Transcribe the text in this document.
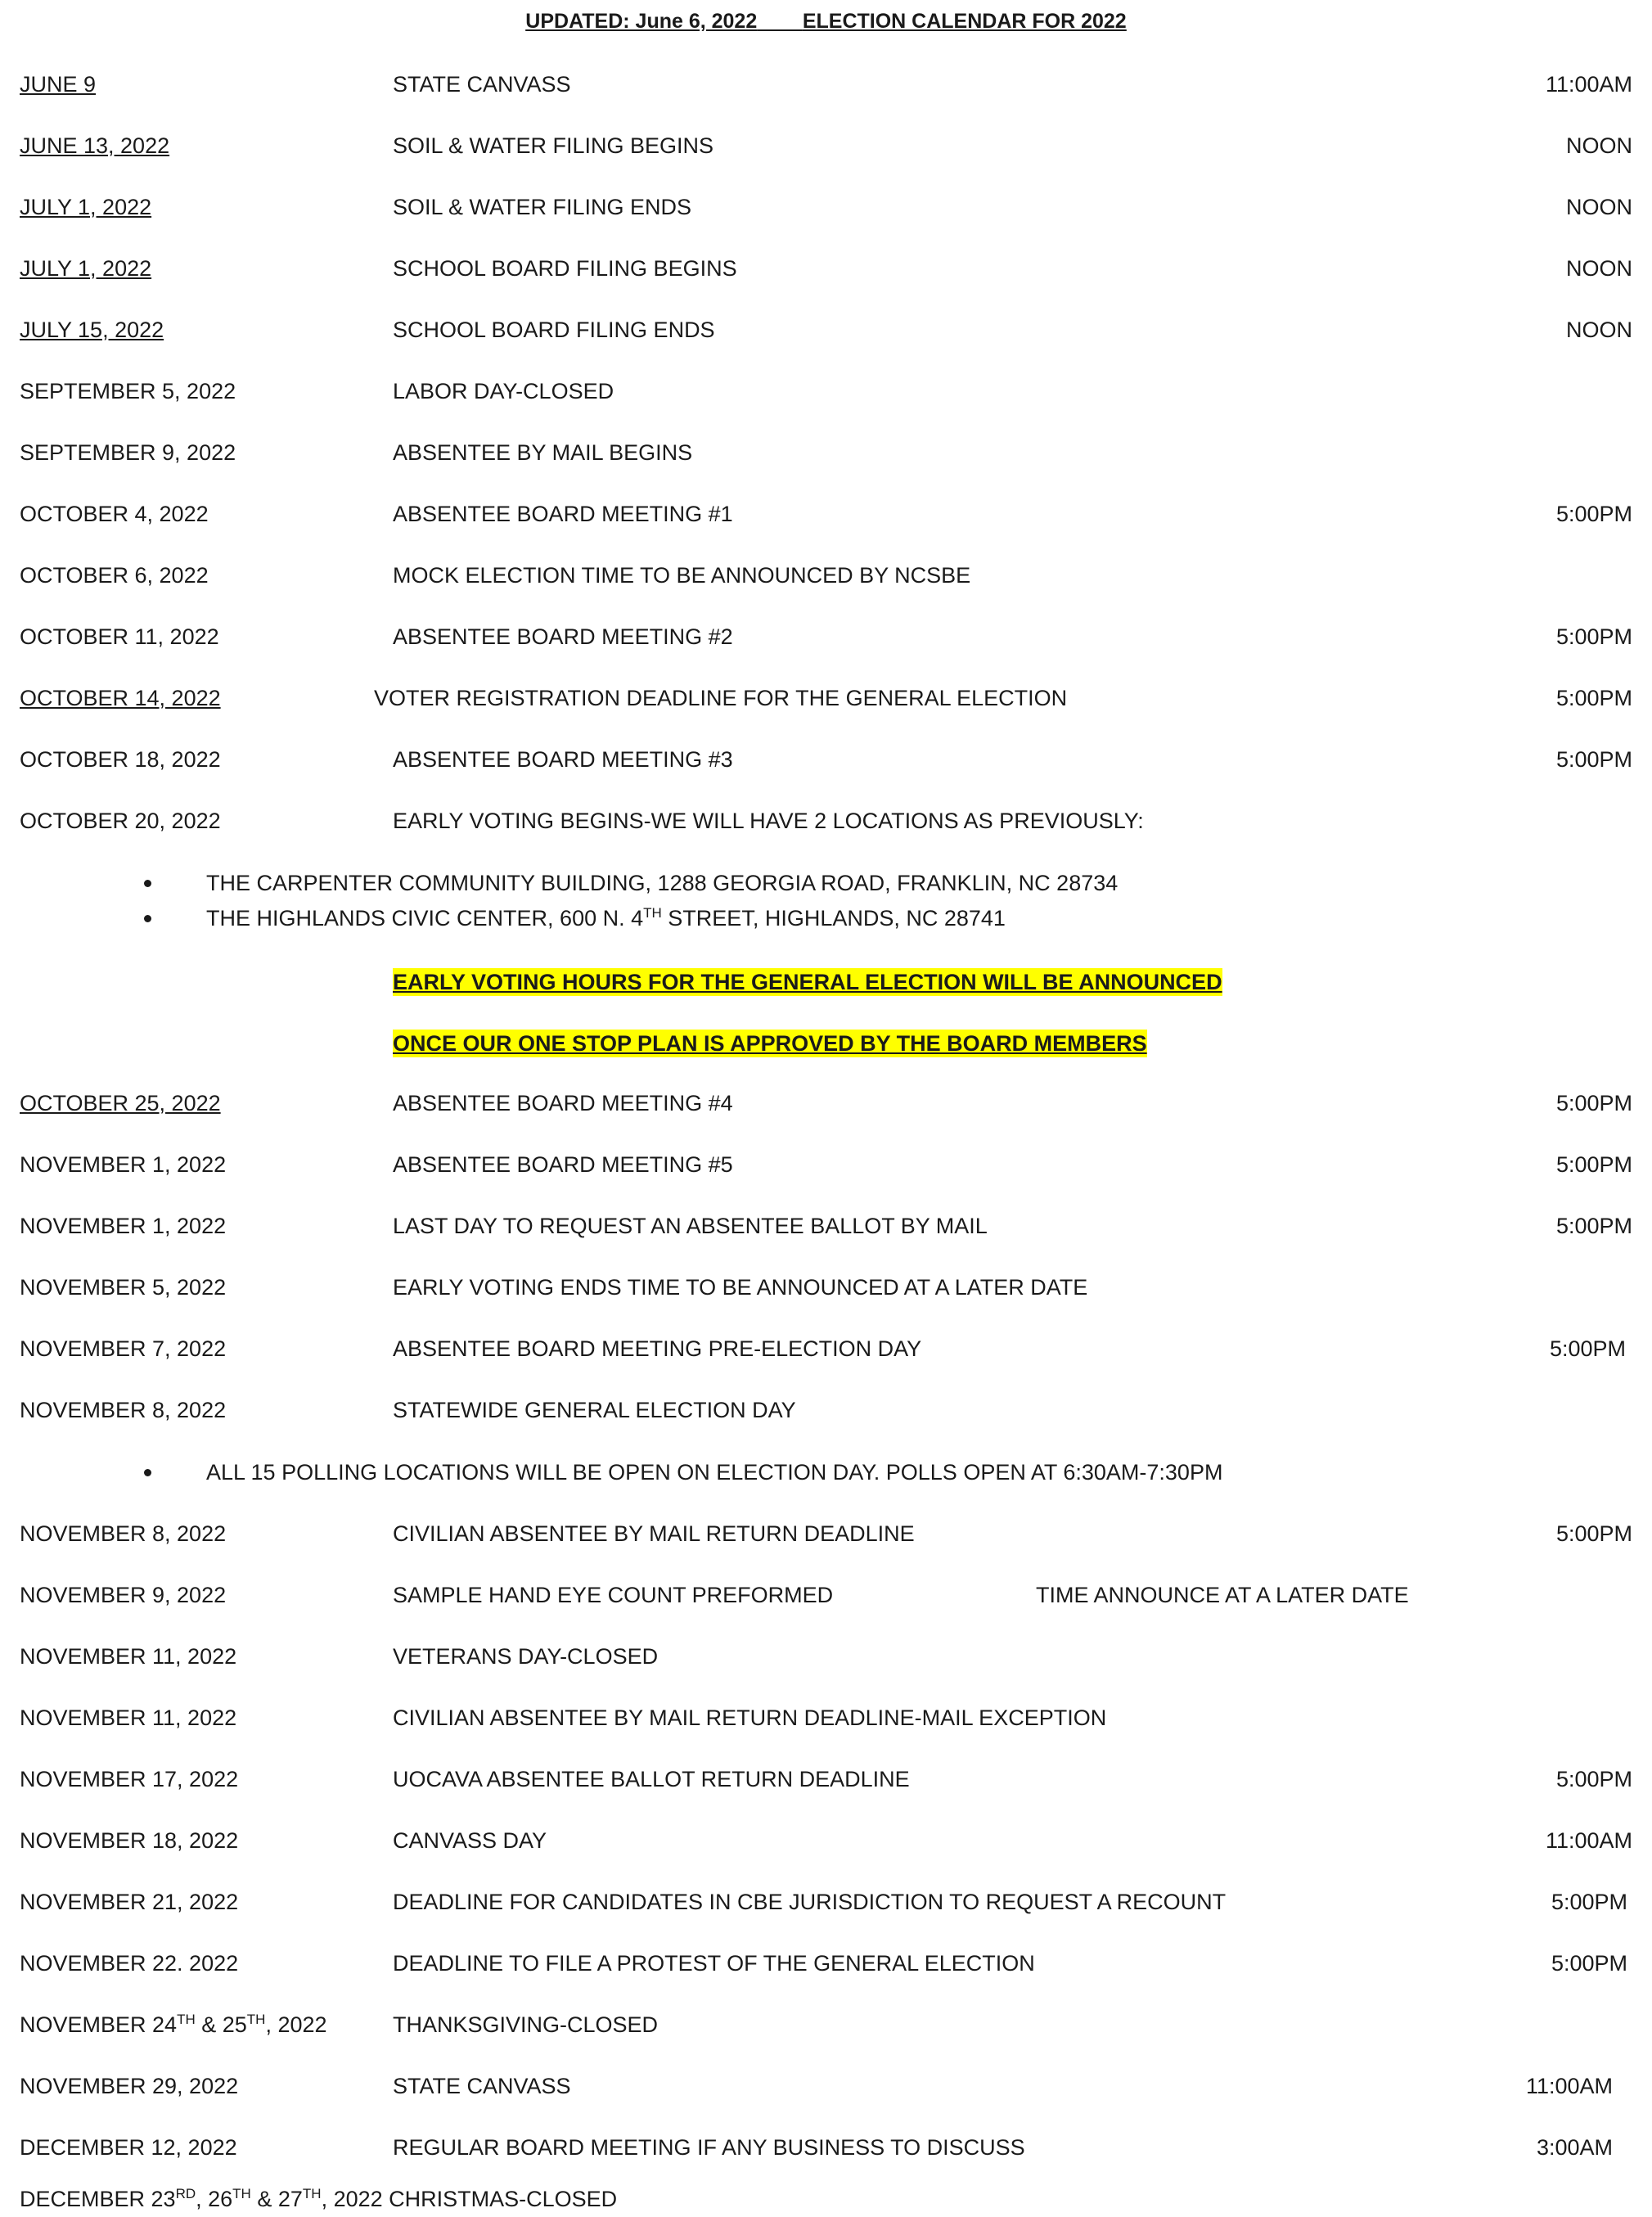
UPDATED: June 6, 2022 ELECTION CALENDAR FOR 2022
JUNE 9	STATE CANVASS	11:00AM
JUNE 13, 2022	SOIL & WATER FILING BEGINS	NOON
JULY 1, 2022	SOIL & WATER FILING ENDS	NOON
JULY 1, 2022	SCHOOL BOARD FILING BEGINS	NOON
JULY 15, 2022	SCHOOL BOARD FILING ENDS	NOON
SEPTEMBER 5, 2022	LABOR DAY-CLOSED
SEPTEMBER 9, 2022	ABSENTEE BY MAIL BEGINS
OCTOBER 4, 2022	ABSENTEE BOARD MEETING #1	5:00PM
OCTOBER 6, 2022	MOCK ELECTION TIME TO BE ANNOUNCED BY NCSBE
OCTOBER 11, 2022	ABSENTEE BOARD MEETING #2	5:00PM
OCTOBER 14, 2022	VOTER REGISTRATION DEADLINE FOR THE GENERAL ELECTION	5:00PM
OCTOBER 18, 2022	ABSENTEE BOARD MEETING #3	5:00PM
OCTOBER 20, 2022	EARLY VOTING BEGINS-WE WILL HAVE 2 LOCATIONS AS PREVIOUSLY:
THE CARPENTER COMMUNITY BUILDING, 1288 GEORGIA ROAD, FRANKLIN, NC 28734
THE HIGHLANDS CIVIC CENTER, 600 N. 4TH STREET, HIGHLANDS, NC 28741
EARLY VOTING HOURS FOR THE GENERAL ELECTION WILL BE ANNOUNCED
ONCE OUR ONE STOP PLAN IS APPROVED BY THE BOARD MEMBERS
OCTOBER 25, 2022	ABSENTEE BOARD MEETING #4	5:00PM
NOVEMBER 1, 2022	ABSENTEE BOARD MEETING #5	5:00PM
NOVEMBER 1, 2022	LAST DAY TO REQUEST AN ABSENTEE BALLOT BY MAIL	5:00PM
NOVEMBER 5, 2022	EARLY VOTING ENDS TIME TO BE ANNOUNCED AT A LATER DATE
NOVEMBER 7, 2022	ABSENTEE BOARD MEETING PRE-ELECTION DAY	5:00PM
NOVEMBER 8, 2022	STATEWIDE GENERAL ELECTION DAY
ALL 15 POLLING LOCATIONS WILL BE OPEN ON ELECTION DAY. POLLS OPEN AT 6:30AM-7:30PM
NOVEMBER 8, 2022	CIVILIAN ABSENTEE BY MAIL RETURN DEADLINE	5:00PM
NOVEMBER 9, 2022	SAMPLE HAND EYE COUNT PREFORMED	TIME ANNOUNCE AT A LATER DATE
NOVEMBER 11, 2022	VETERANS DAY-CLOSED
NOVEMBER 11, 2022	CIVILIAN ABSENTEE BY MAIL RETURN DEADLINE-MAIL EXCEPTION
NOVEMBER 17, 2022	UOCAVA ABSENTEE BALLOT RETURN DEADLINE	5:00PM
NOVEMBER 18, 2022	CANVASS DAY	11:00AM
NOVEMBER 21, 2022	DEADLINE FOR CANDIDATES IN CBE JURISDICTION TO REQUEST A RECOUNT	5:00PM
NOVEMBER 22. 2022	DEADLINE TO FILE A PROTEST OF THE GENERAL ELECTION	5:00PM
NOVEMBER 24TH & 25TH, 2022	THANKSGIVING-CLOSED
NOVEMBER 29, 2022	STATE CANVASS	11:00AM
DECEMBER 12, 2022	REGULAR BOARD MEETING IF ANY BUSINESS TO DISCUSS	3:00AM
DECEMBER 23RD, 26TH & 27TH, 2022 CHRISTMAS-CLOSED
